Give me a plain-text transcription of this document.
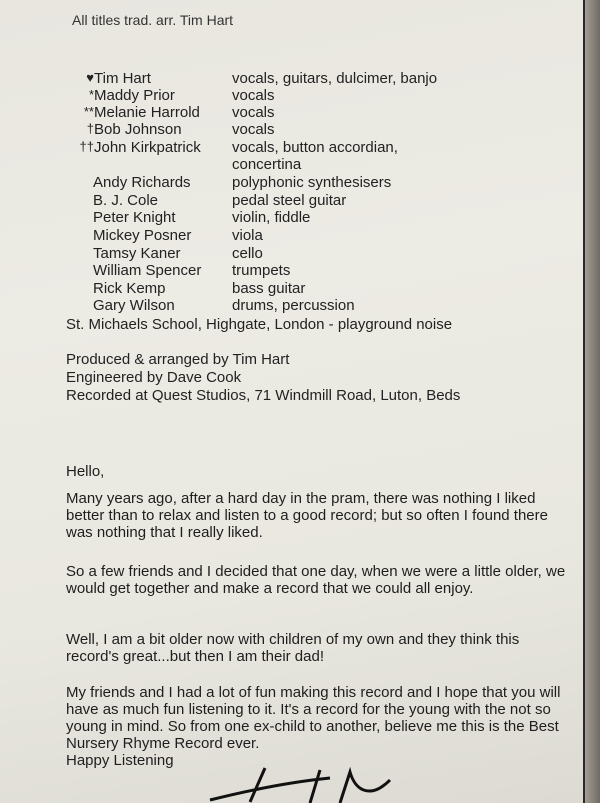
All titles trad. arr. Tim Hart
♥ Tim Hart	vocals, guitars, dulcimer, banjo
* Maddy Prior	vocals
** Melanie Harrold vocals
† Bob Johnson	vocals
†† John Kirkpatrick vocals, button accordian,
concertina
Andy Richards	polyphonic synthesisers
B. J. Cole	pedal steel guitar
Peter Knight	violin, fiddle
Mickey Posner	viola
Tamsy Kaner	cello
William Spencer trumpets
Rick Kemp	bass guitar
Gary Wilson	drums, percussion
St. Michaels School, Highgate, London - playground noise
Produced & arranged by Tim Hart
Engineered by Dave Cook
Recorded at Quest Studios, 71 Windmill Road, Luton, Beds

Hello,

Many years ago, after a hard day in the pram, there was nothing I liked better than to relax and listen to a good record; but so often I found there was nothing that I really liked.

So a few friends and I decided that one day, when we were a little older, we would get together and make a record that we could all enjoy.

Well, I am a bit older now with children of my own and they think this record's great...but then I am their dad!

My friends and I had a lot of fun making this record and I hope that you will have as much fun listening to it. It's a record for the young with the not so young in mind. So from one ex-child to another, believe me this is the Best Nursery Rhyme Record ever.

Happy Listening
